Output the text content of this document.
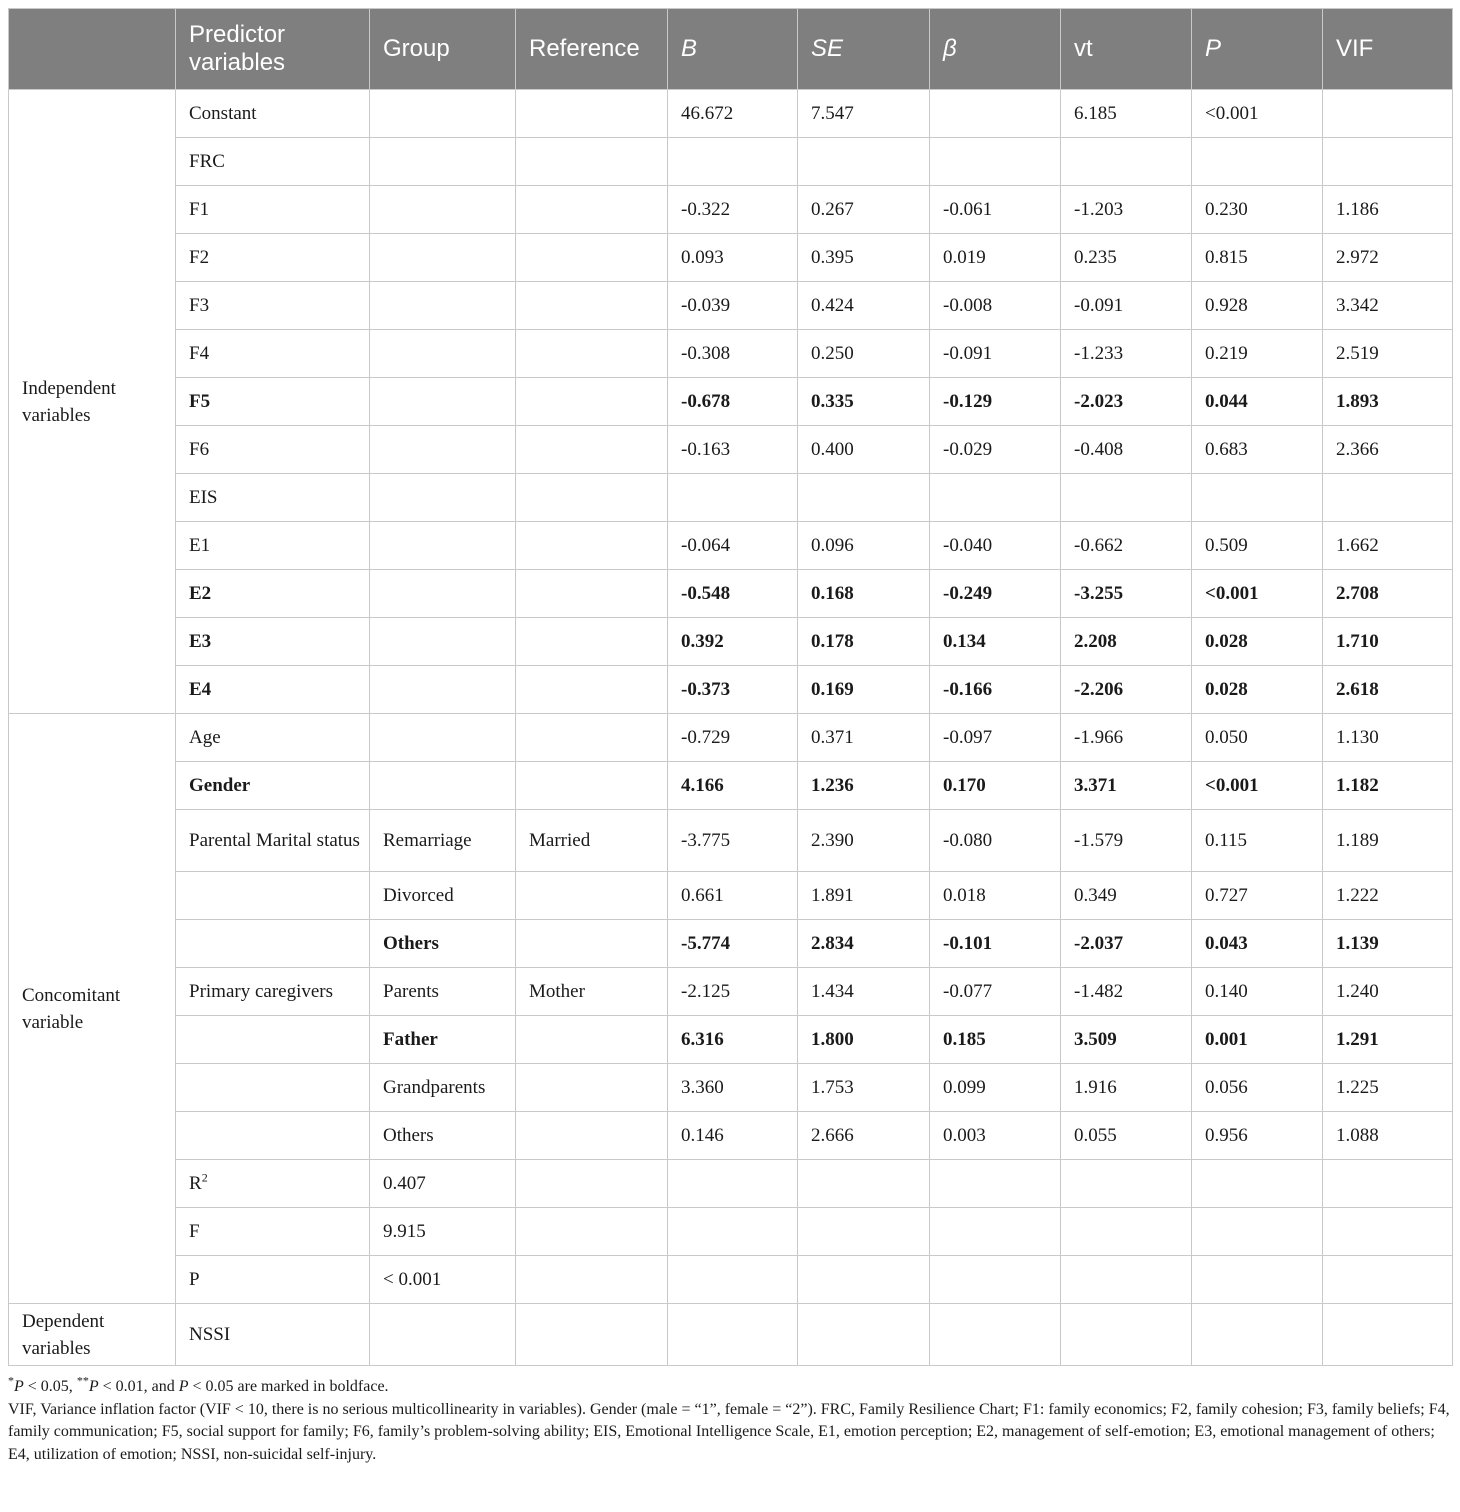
	Predictor variables	Group	Reference	B	SE	β	vt	P	VIF
Independent variables	Constant			46.672	7.547		6.185	<0.001	
	FRC								
	F1			-0.322	0.267	-0.061	-1.203	0.230	1.186
	F2			0.093	0.395	0.019	0.235	0.815	2.972
	F3			-0.039	0.424	-0.008	-0.091	0.928	3.342
	F4			-0.308	0.250	-0.091	-1.233	0.219	2.519
	F5			-0.678	0.335	-0.129	-2.023	0.044	1.893
	F6			-0.163	0.400	-0.029	-0.408	0.683	2.366
	EIS								
	E1			-0.064	0.096	-0.040	-0.662	0.509	1.662
	E2			-0.548	0.168	-0.249	-3.255	<0.001	2.708
	E3			0.392	0.178	0.134	2.208	0.028	1.710
	E4			-0.373	0.169	-0.166	-2.206	0.028	2.618
Concomitant variable	Age			-0.729	0.371	-0.097	-1.966	0.050	1.130
	Gender			4.166	1.236	0.170	3.371	<0.001	1.182
	Parental Marital status	Remarriage	Married	-3.775	2.390	-0.080	-1.579	0.115	1.189
		Divorced		0.661	1.891	0.018	0.349	0.727	1.222
		Others		-5.774	2.834	-0.101	-2.037	0.043	1.139
	Primary caregivers	Parents	Mother	-2.125	1.434	-0.077	-1.482	0.140	1.240
		Father		6.316	1.800	0.185	3.509	0.001	1.291
		Grandparents		3.360	1.753	0.099	1.916	0.056	1.225
		Others		0.146	2.666	0.003	0.055	0.956	1.088
	$R^2$	0.407							
	F	9.915							
	P	< 0.001							
Dependent variables	NSSI								

*P < 0.05, **P < 0.01, and P < 0.05 are marked in boldface.

VIF, Variance inflation factor (VIF < 10, there is no serious multicollinearity in variables). Gender (male = “1”, female = “2”). FRC, Family Resilience Chart; F1: family economics; F2, family cohesion; F3, family beliefs; F4, family communication; F5, social support for family; F6, family’s problem-solving ability; EIS, Emotional Intelligence Scale, E1, emotion perception; E2, management of self-emotion; E3, emotional management of others; E4, utilization of emotion; NSSI, non-suicidal self-injury.
